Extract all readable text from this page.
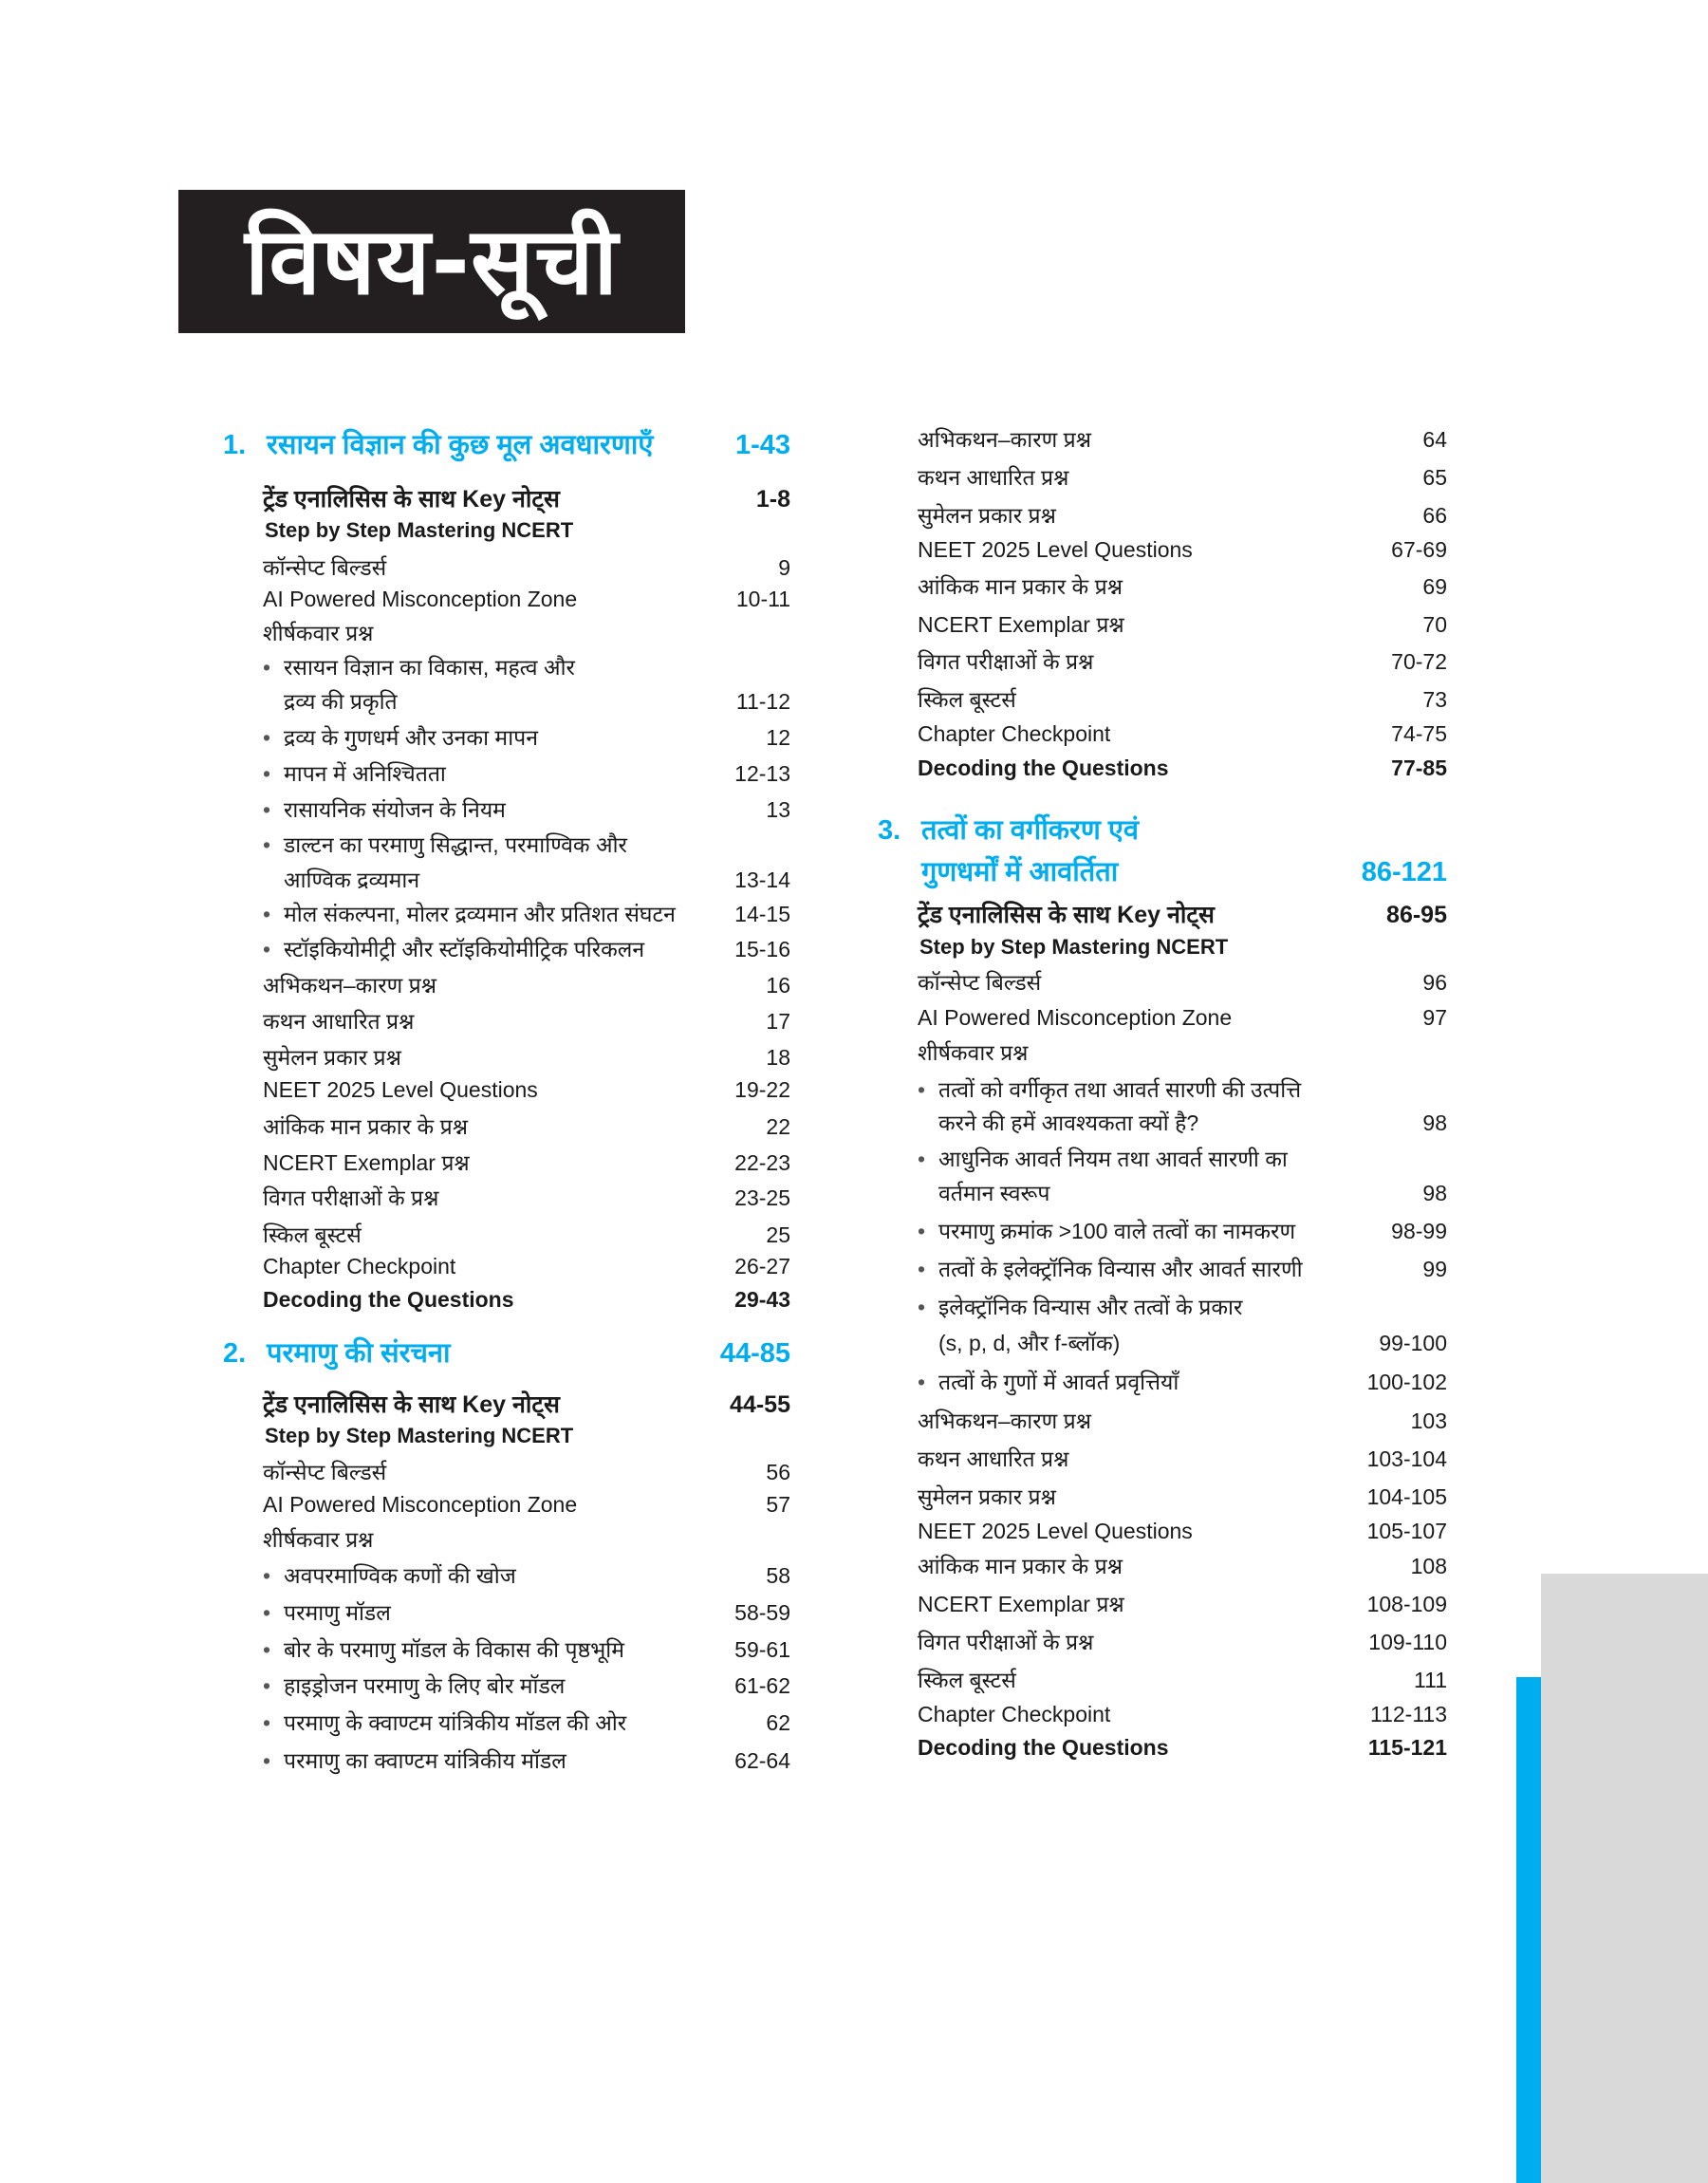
विषय-सूची
1. रसायन विज्ञान की कुछ मूल अवधारणाएँ	1-43
ट्रेंड एनालिसिस के साथ Key नोट्स	1-8
Step by Step Mastering NCERT
कॉन्सेप्ट बिल्डर्स	9
AI Powered Misconception Zone	10-11
शीर्षकवार प्रश्न
• रसायन विज्ञान का विकास, महत्व और
द्रव्य की प्रकृति	11-12
• द्रव्य के गुणधर्म और उनका मापन	12
• मापन में अनिश्चितता	12-13
• रासायनिक संयोजन के नियम	13
• डाल्टन का परमाणु सिद्धान्त, परमाण्विक और
आण्विक द्रव्यमान	13-14
• मोल संकल्पना, मोलर द्रव्यमान और प्रतिशत संघटन	14-15
• स्टॉइकियोमीट्री और स्टॉइकियोमीट्रिक परिकलन	15-16
अभिकथन–कारण प्रश्न	16
कथन आधारित प्रश्न	17
सुमेलन प्रकार प्रश्न	18
NEET 2025 Level Questions	19-22
आंकिक मान प्रकार के प्रश्न	22
NCERT Exemplar प्रश्न	22-23
विगत परीक्षाओं के प्रश्न	23-25
स्किल बूस्टर्स	25
Chapter Checkpoint	26-27
Decoding the Questions	29-43
2. परमाणु की संरचना	44-85
ट्रेंड एनालिसिस के साथ Key नोट्स	44-55
Step by Step Mastering NCERT
कॉन्सेप्ट बिल्डर्स	56
AI Powered Misconception Zone	57
शीर्षकवार प्रश्न
• अवपरमाण्विक कणों की खोज	58
• परमाणु मॉडल	58-59
• बोर के परमाणु मॉडल के विकास की पृष्ठभूमि	59-61
• हाइड्रोजन परमाणु के लिए बोर मॉडल	61-62
• परमाणु के क्वाण्टम यांत्रिकीय मॉडल की ओर	62
• परमाणु का क्वाण्टम यांत्रिकीय मॉडल	62-64
अभिकथन–कारण प्रश्न	64
कथन आधारित प्रश्न	65
सुमेलन प्रकार प्रश्न	66
NEET 2025 Level Questions	67-69
आंकिक मान प्रकार के प्रश्न	69
NCERT Exemplar प्रश्न	70
विगत परीक्षाओं के प्रश्न	70-72
स्किल बूस्टर्स	73
Chapter Checkpoint	74-75
Decoding the Questions	77-85
3. तत्वों का वर्गीकरण एवं
गुणधर्मों में आवर्तिता	86-121
ट्रेंड एनालिसिस के साथ Key नोट्स	86-95
Step by Step Mastering NCERT
कॉन्सेप्ट बिल्डर्स	96
AI Powered Misconception Zone	97
शीर्षकवार प्रश्न
• तत्वों को वर्गीकृत तथा आवर्त सारणी की उत्पत्ति
करने की हमें आवश्यकता क्यों है?	98
• आधुनिक आवर्त नियम तथा आवर्त सारणी का
वर्तमान स्वरूप	98
• परमाणु क्रमांक >100 वाले तत्वों का नामकरण	98-99
• तत्वों के इलेक्ट्रॉनिक विन्यास और आवर्त सारणी	99
• इलेक्ट्रॉनिक विन्यास और तत्वों के प्रकार
(s, p, d, और f-ब्लॉक)	99-100
• तत्वों के गुणों में आवर्त प्रवृत्तियाँ	100-102
अभिकथन–कारण प्रश्न	103
कथन आधारित प्रश्न	103-104
सुमेलन प्रकार प्रश्न	104-105
NEET 2025 Level Questions	105-107
आंकिक मान प्रकार के प्रश्न	108
NCERT Exemplar प्रश्न	108-109
विगत परीक्षाओं के प्रश्न	109-110
स्किल बूस्टर्स	111
Chapter Checkpoint	112-113
Decoding the Questions	115-121
